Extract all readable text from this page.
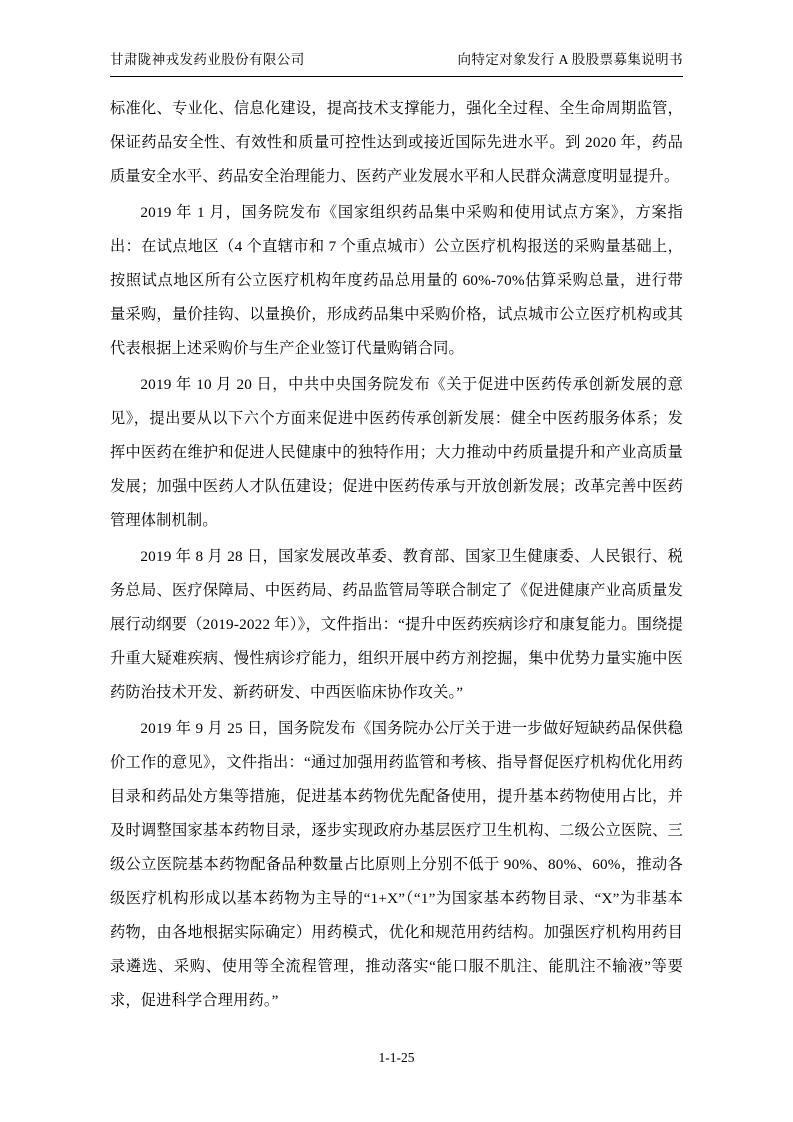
甘肃陇神戎发药业股份有限公司	向特定对象发行 A 股股票募集说明书

标准化、专业化、信息化建设，提高技术支撑能力，强化全过程、全生命周期监管，保证药品安全性、有效性和质量可控性达到或接近国际先进水平。到 2020 年，药品质量安全水平、药品安全治理能力、医药产业发展水平和人民群众满意度明显提升。

2019 年 1 月，国务院发布《国家组织药品集中采购和使用试点方案》，方案指出：在试点地区（4 个直辖市和 7 个重点城市）公立医疗机构报送的采购量基础上，按照试点地区所有公立医疗机构年度药品总用量的 60%-70%估算采购总量，进行带量采购，量价挂钩、以量换价，形成药品集中采购价格，试点城市公立医疗机构或其代表根据上述采购价与生产企业签订代量购销合同。

2019 年 10 月 20 日，中共中央国务院发布《关于促进中医药传承创新发展的意见》，提出要从以下六个方面来促进中医药传承创新发展：健全中医药服务体系；发挥中医药在维护和促进人民健康中的独特作用；大力推动中药质量提升和产业高质量发展；加强中医药人才队伍建设；促进中医药传承与开放创新发展；改革完善中医药管理体制机制。

2019 年 8 月 28 日，国家发展改革委、教育部、国家卫生健康委、人民银行、税务总局、医疗保障局、中医药局、药品监管局等联合制定了《促进健康产业高质量发展行动纲要（2019-2022 年）》，文件指出：“提升中医药疾病诊疗和康复能力。围绕提升重大疑难疾病、慢性病诊疗能力，组织开展中药方剂挖掘，集中优势力量实施中医药防治技术开发、新药研发、中西医临床协作攻关。”

2019 年 9 月 25 日，国务院发布《国务院办公厅关于进一步做好短缺药品保供稳价工作的意见》，文件指出：“通过加强用药监管和考核、指导督促医疗机构优化用药目录和药品处方集等措施，促进基本药物优先配备使用，提升基本药物使用占比，并及时调整国家基本药物目录，逐步实现政府办基层医疗卫生机构、二级公立医院、三级公立医院基本药物配备品种数量占比原则上分别不低于 90%、80%、60%，推动各级医疗机构形成以基本药物为主导的“1+X”（“1”为国家基本药物目录、“X”为非基本药物，由各地根据实际确定）用药模式，优化和规范用药结构。加强医疗机构用药目录遴选、采购、使用等全流程管理，推动落实“能口服不肌注、能肌注不输液”等要求，促进科学合理用药。”

1-1-25
